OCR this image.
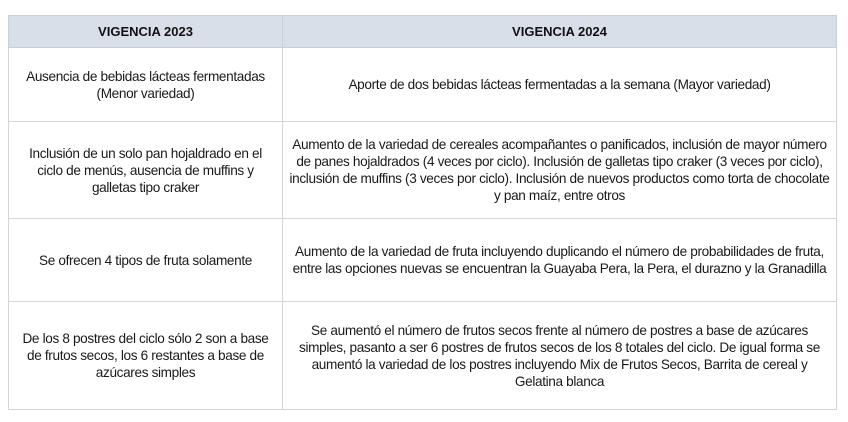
VIGENCIA 2023	VIGENCIA 2024
Ausencia de bebidas lácteas fermentadas (Menor variedad)	Aporte de dos bebidas lácteas fermentadas a la semana (Mayor variedad)
Inclusión de un solo pan hojaldrado en el ciclo de menús, ausencia de muffins y galletas tipo craker	Aumento de la variedad de cereales acompañantes o panificados, inclusión de mayor número de panes hojaldrados (4 veces por ciclo). Inclusión de galletas tipo craker (3 veces por ciclo), inclusión de muffins (3 veces por ciclo). Inclusión de nuevos productos como torta de chocolate y pan maíz, entre otros
Se ofrecen 4 tipos de fruta solamente	Aumento de la variedad de fruta incluyendo duplicando el número de probabilidades de fruta, entre las opciones nuevas se encuentran la Guayaba Pera, la Pera, el durazno y la Granadilla
De los 8 postres del ciclo sólo 2 son a base de frutos secos, los 6 restantes a base de azúcares simples	Se aumentó el número de frutos secos frente al número de postres a base de azúcares simples, pasanto a ser 6 postres de frutos secos de los 8 totales del ciclo. De igual forma se aumentó la variedad de los postres incluyendo Mix de Frutos Secos, Barrita de cereal y Gelatina blanca
